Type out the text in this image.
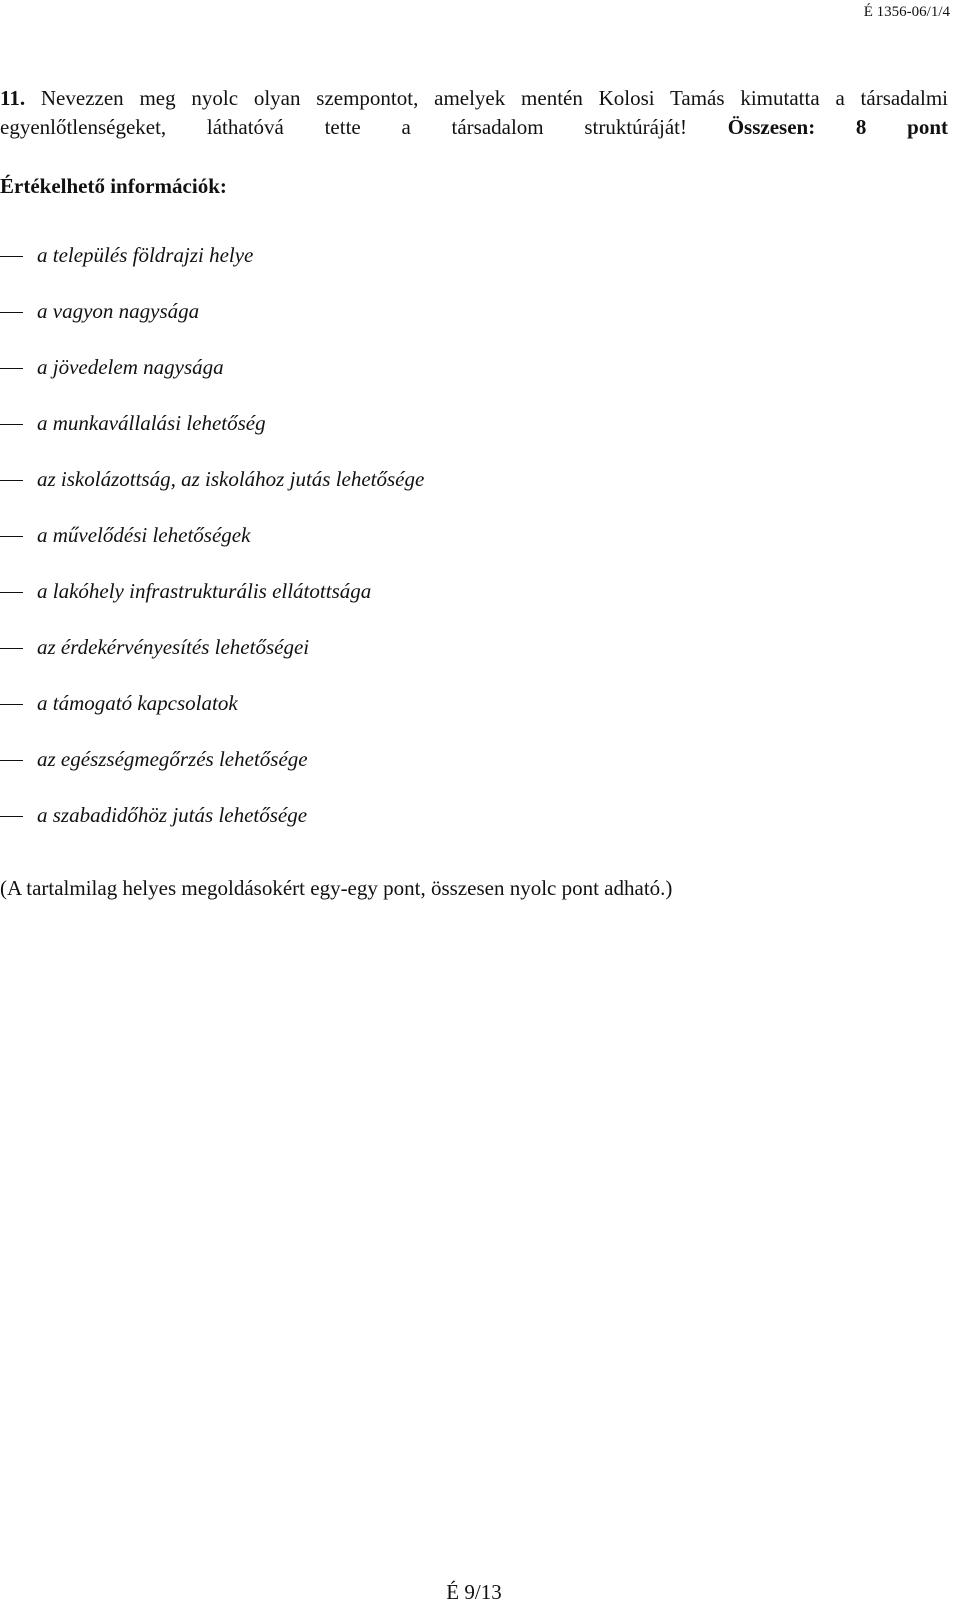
É 1356-06/1/4
11. Nevezzen meg nyolc olyan szempontot, amelyek mentén Kolosi Tamás kimutatta a társadalmi egyenlőtlenségeket, láthatóvá tette a társadalom struktúráját! Összesen: 8 pont
Értékelhető információk:
a település földrajzi helye
a vagyon nagysága
a jövedelem nagysága
a munkavállalási lehetőség
az iskolázottság, az iskolához jutás lehetősége
a művelődési lehetőségek
a lakóhely infrastrukturális ellátottsága
az érdekérvényesítés lehetőségei
a támogató kapcsolatok
az egészségmegőrzés lehetősége
a szabadidőhöz jutás lehetősége
(A tartalmilag helyes megoldásokért egy-egy pont, összesen nyolc pont adható.)
É 9/13
